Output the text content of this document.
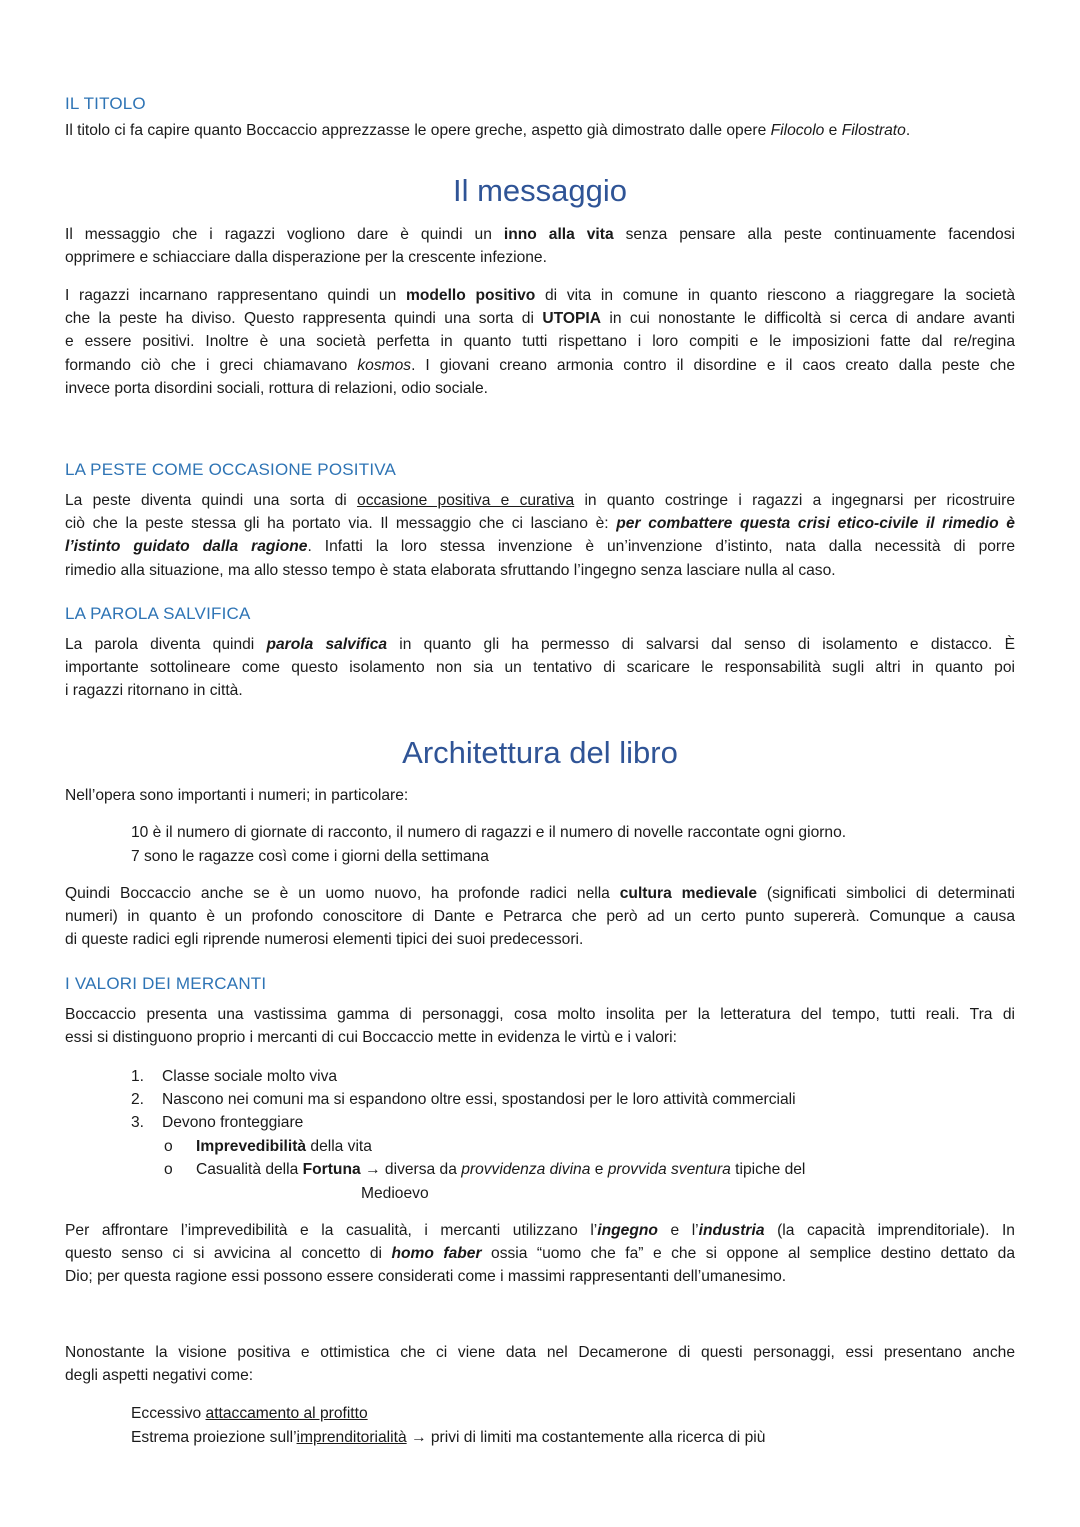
IL TITOLO
Il titolo ci fa capire quanto Boccaccio apprezzasse le opere greche, aspetto già dimostrato dalle opere Filocolo e Filostrato.
Il messaggio
Il messaggio che i ragazzi vogliono dare è quindi un inno alla vita senza pensare alla peste continuamente facendosi
opprimere e schiacciare dalla disperazione per la crescente infezione.
I ragazzi incarnano rappresentano quindi un modello positivo di vita in comune in quanto riescono a riaggregare la società
che la peste ha diviso. Questo rappresenta quindi una sorta di UTOPIA in cui nonostante le difficoltà si cerca di andare avanti
e essere positivi. Inoltre è una società perfetta in quanto tutti rispettano i loro compiti e le imposizioni fatte dal re/regina
formando ciò che i greci chiamavano kosmos. I giovani creano armonia contro il disordine e il caos creato dalla peste che
invece porta disordini sociali, rottura di relazioni, odio sociale.
LA PESTE COME OCCASIONE POSITIVA
La peste diventa quindi una sorta di occasione positiva e curativa in quanto costringe i ragazzi a ingegnarsi per ricostruire
ciò che la peste stessa gli ha portato via. Il messaggio che ci lasciano è: per combattere questa crisi etico-civile il rimedio è
l’istinto guidato dalla ragione. Infatti la loro stessa invenzione è un’invenzione d’istinto, nata dalla necessità di porre
rimedio alla situazione, ma allo stesso tempo è stata elaborata sfruttando l’ingegno senza lasciare nulla al caso.
LA PAROLA SALVIFICA
La parola diventa quindi parola salvifica in quanto gli ha permesso di salvarsi dal senso di isolamento e distacco. È
importante sottolineare come questo isolamento non sia un tentativo di scaricare le responsabilità sugli altri in quanto poi
i ragazzi ritornano in città.
Architettura del libro
Nell’opera sono importanti i numeri; in particolare:
10 è il numero di giornate di racconto, il numero di ragazzi e il numero di novelle raccontate ogni giorno.
7 sono le ragazze così come i giorni della settimana
Quindi Boccaccio anche se è un uomo nuovo, ha profonde radici nella cultura medievale (significati simbolici di determinati
numeri) in quanto è un profondo conoscitore di Dante e Petrarca che però ad un certo punto supererà. Comunque a causa
di queste radici egli riprende numerosi elementi tipici dei suoi predecessori.
I VALORI DEI MERCANTI
Boccaccio presenta una vastissima gamma di personaggi, cosa molto insolita per la letteratura del tempo, tutti reali. Tra di
essi si distinguono proprio i mercanti di cui Boccaccio mette in evidenza le virtù e i valori:
1. Classe sociale molto viva
2. Nascono nei comuni ma si espandono oltre essi, spostandosi per le loro attività commerciali
3. Devono fronteggiare
o Imprevedibilità della vita
o Casualità della Fortuna → diversa da provvidenza divina e provvida sventura tipiche del
Medioevo
Per affrontare l’imprevedibilità e la casualità, i mercanti utilizzano l’ingegno e l’industria (la capacità imprenditoriale). In
questo senso ci si avvicina al concetto di homo faber ossia “uomo che fa” e che si oppone al semplice destino dettato da
Dio; per questa ragione essi possono essere considerati come i massimi rappresentanti dell’umanesimo.
Nonostante la visione positiva e ottimistica che ci viene data nel Decamerone di questi personaggi, essi presentano anche
degli aspetti negativi come:
Eccessivo attaccamento al profitto
Estrema proiezione sull’imprenditorialità → privi di limiti ma costantemente alla ricerca di più
